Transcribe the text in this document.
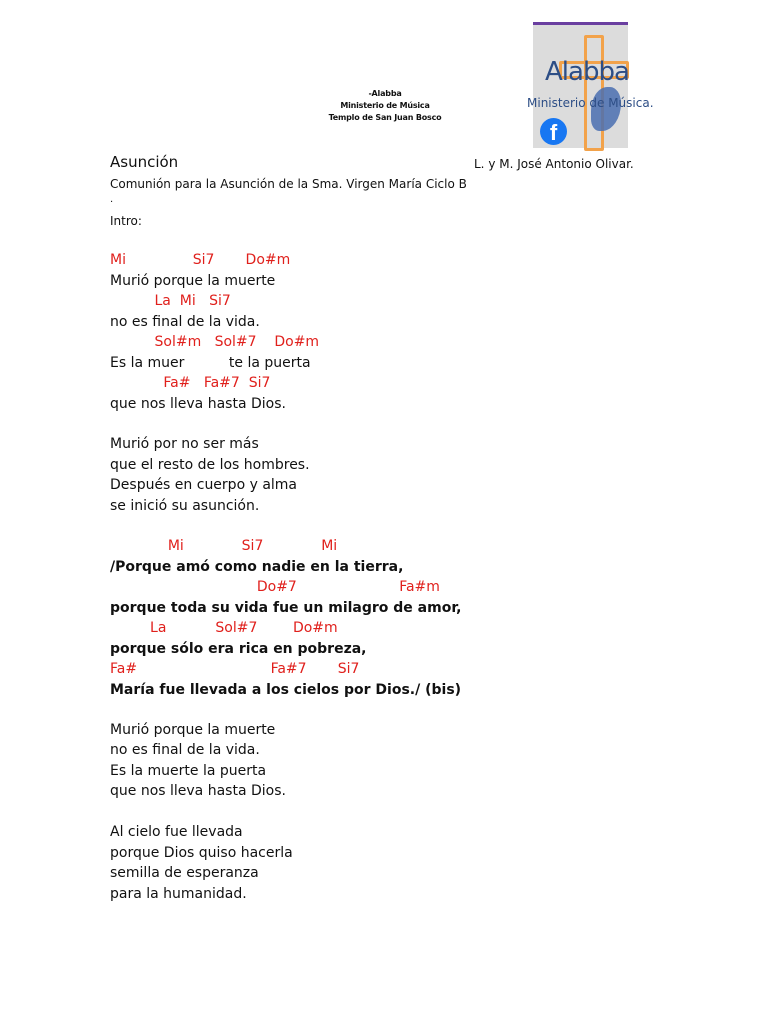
-Alabba
Ministerio de Música
Templo de San Juan Bosco
Alabba
Ministerio de Música.
f
Asunción	L. y M. José Antonio Olivar.
Comunión para la Asunción de la Sma. Virgen María Ciclo B
.
Intro:
Mi               Si7       Do#m
Murió porque la muerte
La  Mi   Si7
no es final de la vida.
Sol#m   Sol#7    Do#m
Es la muer          te la puerta
Fa#   Fa#7  Si7
que nos lleva hasta Dios.
Murió por no ser más
que el resto de los hombres.
Después en cuerpo y alma
se inició su asunción.
Mi             Si7             Mi
/Porque amó como nadie en la tierra,
Do#7                       Fa#m
porque toda su vida fue un milagro de amor,
La           Sol#7        Do#m
porque sólo era rica en pobreza,
Fa#                              Fa#7       Si7
María fue llevada a los cielos por Dios./ (bis)
Murió porque la muerte
no es final de la vida.
Es la muerte la puerta
que nos lleva hasta Dios.
Al cielo fue llevada
porque Dios quiso hacerla
semilla de esperanza
para la humanidad.
